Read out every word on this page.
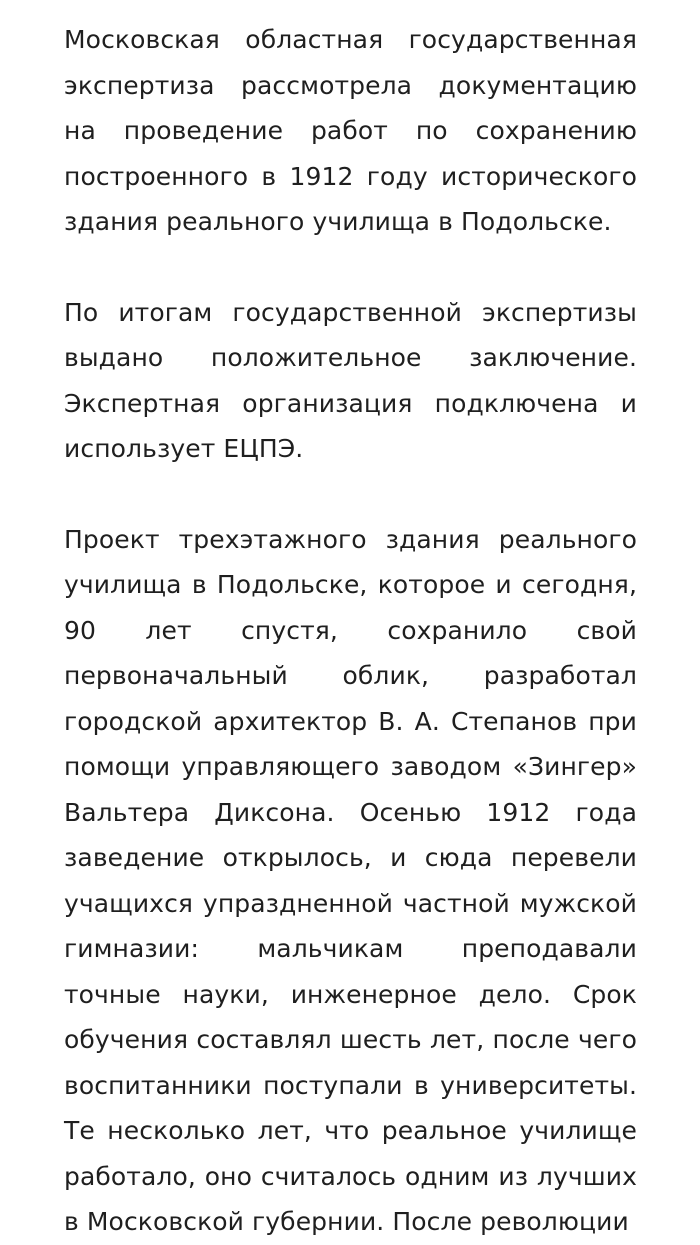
Московская областная государственная экспертиза рассмотрела документацию на проведение работ по сохранению построенного в 1912 году исторического здания реального училища в Подольске.

По итогам государственной экспертизы выдано положительное заключение. Экспертная организация подключена и использует ЕЦПЭ.

Проект трехэтажного здания реального училища в Подольске, которое и сегодня, 90 лет спустя, сохранило свой первоначальный облик, разработал городской архитектор В. А. Степанов при помощи управляющего заводом «Зингер» Вальтера Диксона. Осенью 1912 года заведение открылось, и сюда перевели учащихся упраздненной частной мужской гимназии: мальчикам преподавали точные науки, инженерное дело. Срок обучения составлял шесть лет, после чего воспитанники поступали в университеты. Те несколько лет, что реальное училище работало, оно считалось одним из лучших в Московской губернии. После революции
